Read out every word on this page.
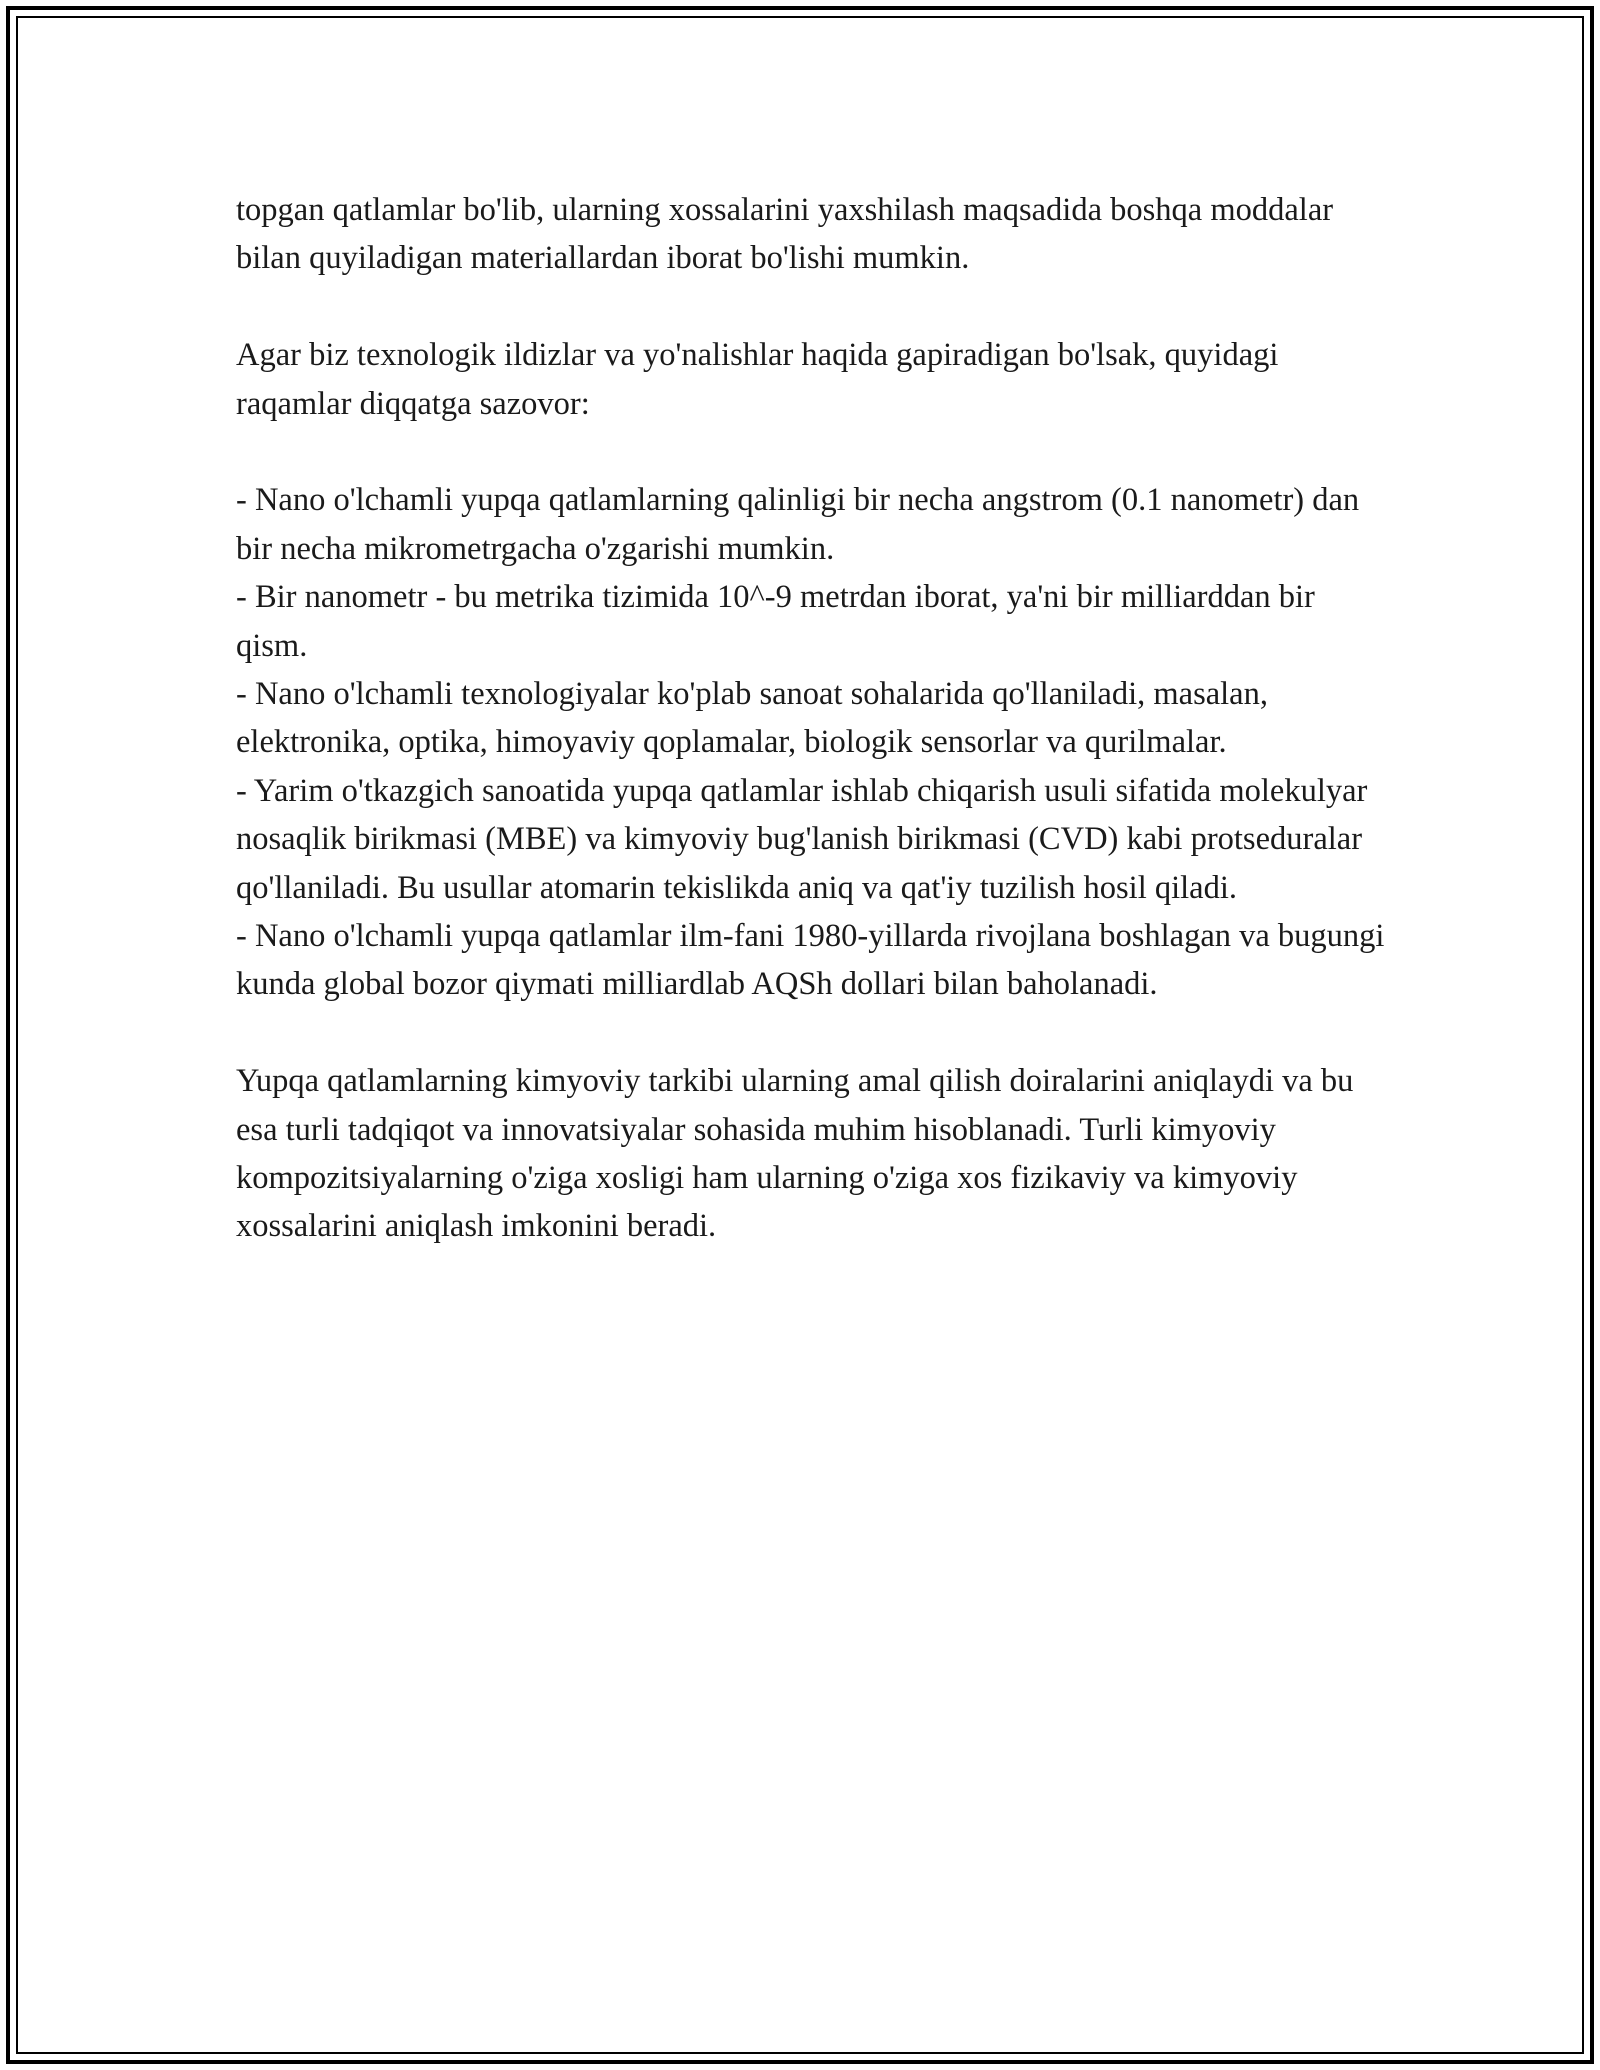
topgan qatlamlar bo'lib, ularning xossalarini yaxshilash maqsadida boshqa moddalar bilan quyiladigan materiallardan iborat bo'lishi mumkin.

Agar biz texnologik ildizlar va yo'nalishlar haqida gapiradigan bo'lsak, quyidagi raqamlar diqqatga sazovor:

- Nano o'lchamli yupqa qatlamlarning qalinligi bir necha angstrom (0.1 nanometr) dan bir necha mikrometrgacha o'zgarishi mumkin.
- Bir nanometr - bu metrika tizimida 10^-9 metrdan iborat, ya'ni bir milliarddan bir qism.
- Nano o'lchamli texnologiyalar ko'plab sanoat sohalarida qo'llaniladi, masalan, elektronika, optika, himoyaviy qoplamalar, biologik sensorlar va qurilmalar.
- Yarim o'tkazgich sanoatida yupqa qatlamlar ishlab chiqarish usuli sifatida molekulyar nosaqlik birikmasi (MBE) va kimyoviy bug'lanish birikmasi (CVD) kabi protseduralar qo'llaniladi. Bu usullar atomarin tekislikda aniq va qat'iy tuzilish hosil qiladi.
- Nano o'lchamli yupqa qatlamlar ilm-fani 1980-yillarda rivojlana boshlagan va bugungi kunda global bozor qiymati milliardlab AQSh dollari bilan baholanadi.

Yupqa qatlamlarning kimyoviy tarkibi ularning amal qilish doiralarini aniqlaydi va bu esa turli tadqiqot va innovatsiyalar sohasida muhim hisoblanadi. Turli kimyoviy kompozitsiyalarning o'ziga xosligi ham ularning o'ziga xos fizikaviy va kimyoviy xossalarini aniqlash imkonini beradi.
